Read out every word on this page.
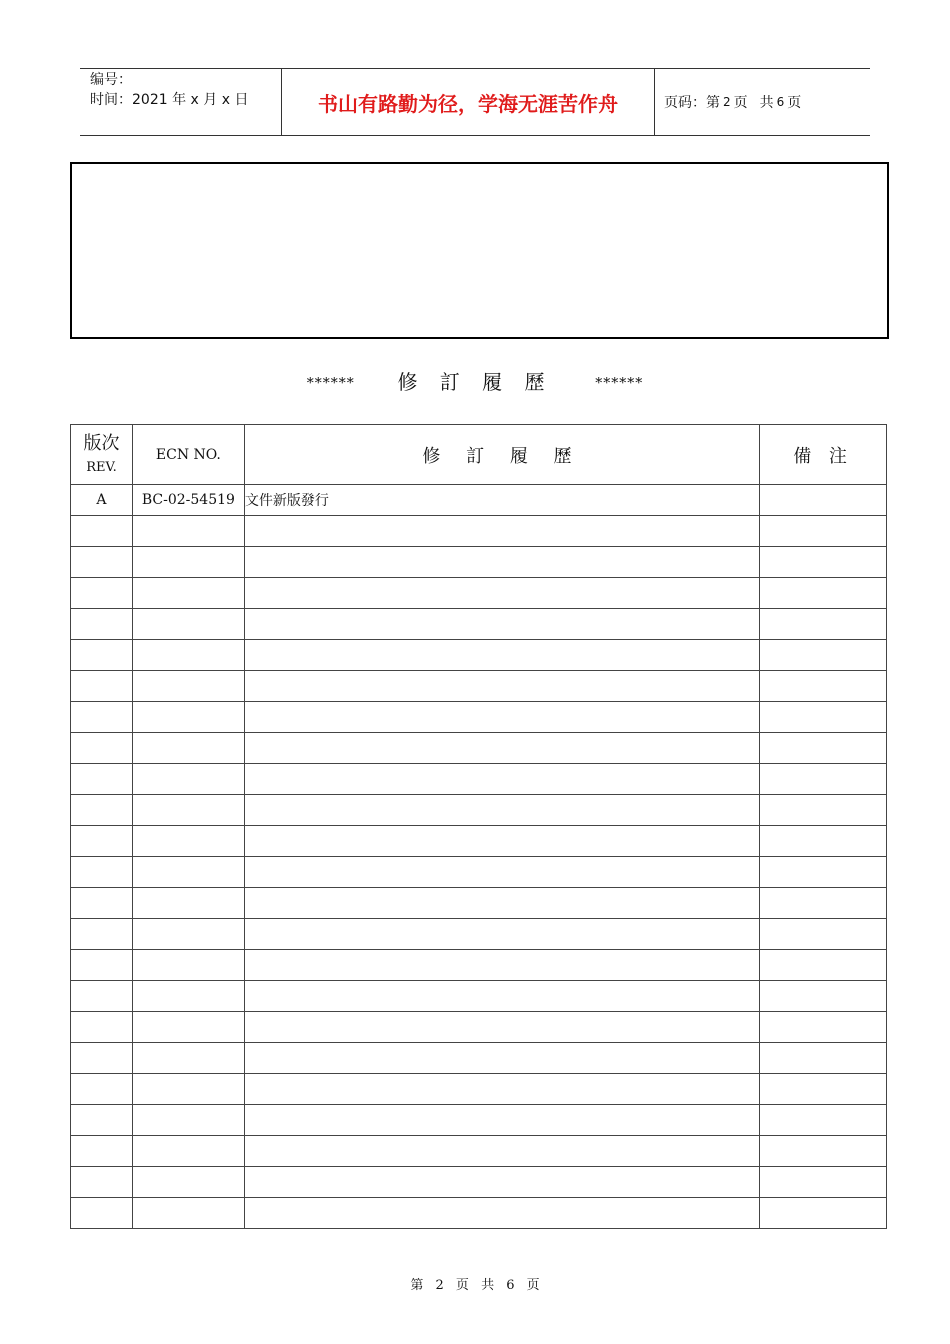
编号：
时间：2021 年 x 月 x 日	书山有路勤为径，学海无涯苦作舟	页码：第 2 页 共 6 页
****** 修 訂 履 歷	******
版次
REV.	ECN NO.	修 訂 履 歷	備 注
A	BC-02-54519	文件新版發行	

第 2 页 共 6 页
